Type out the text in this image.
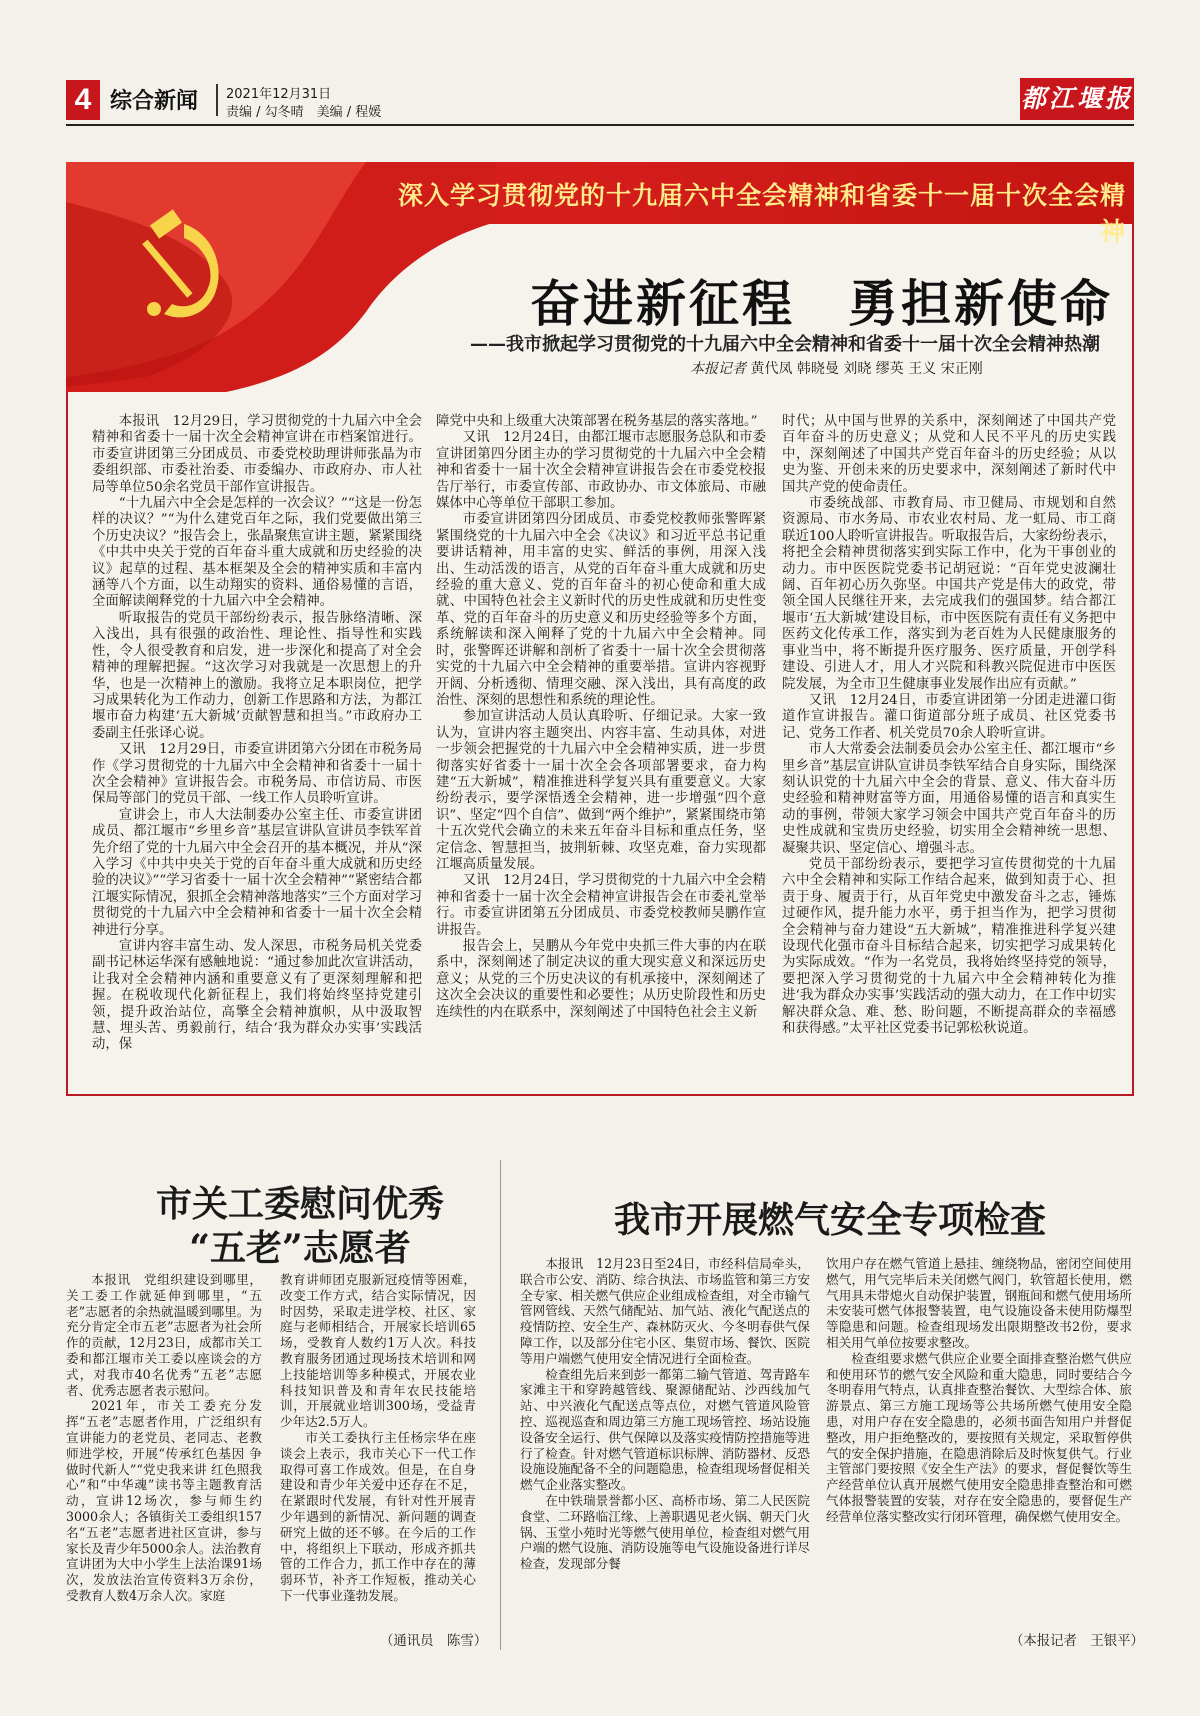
4 综合新闻 2021年12月31日
责编 / 勾冬晴　美编 / 程媛	都江堰报
深入学习贯彻党的十九届六中全会精神和省委十一届十次全会精神
奋进新征程　勇担新使命
——我市掀起学习贯彻党的十九届六中全会精神和省委十一届十次全会精神热潮
本报记者 黄代凤 韩晓曼 刘晓 缪英 王义 宋正刚

本报讯　12月29日，学习贯彻党的十九届六中全会精神和省委十一届十次全会精神宣讲在市档案馆进行。市委宣讲团第三分团成员、市委党校助理讲师张晶为市委组织部、市委社治委、市委编办、市政府办、市人社局等单位50余名党员干部作宣讲报告。

“十九届六中全会是怎样的一次会议？”“这是一份怎样的决议？”“为什么建党百年之际，我们党要做出第三个历史决议？”报告会上，张晶聚焦宣讲主题，紧紧围绕《中共中央关于党的百年奋斗重大成就和历史经验的决议》起草的过程、基本框架及全会的精神实质和丰富内涵等八个方面，以生动翔实的资料、通俗易懂的言语，全面解读阐释党的十九届六中全会精神。

听取报告的党员干部纷纷表示，报告脉络清晰、深入浅出，具有很强的政治性、理论性、指导性和实践性，令人很受教育和启发，进一步深化和提高了对全会精神的理解把握。“这次学习对我就是一次思想上的升华，也是一次精神上的激励。我将立足本职岗位，把学习成果转化为工作动力，创新工作思路和方法，为都江堰市奋力构建‘五大新城’贡献智慧和担当。”市政府办工委副主任张译心说。

又讯　12月29日，市委宣讲团第六分团在市税务局作《学习贯彻党的十九届六中全会精神和省委十一届十次全会精神》宣讲报告会。市税务局、市信访局、市医保局等部门的党员干部、一线工作人员聆听宣讲。

宣讲会上，市人大法制委办公室主任、市委宣讲团成员、都江堰市“乡里乡音”基层宣讲队宣讲员李铁军首先介绍了党的十九届六中全会召开的基本概况，并从“深入学习《中共中央关于党的百年奋斗重大成就和历史经验的决议》”“学习省委十一届十次全会精神”“紧密结合都江堰实际情况，狠抓全会精神落地落实”三个方面对学习贯彻党的十九届六中全会精神和省委十一届十次全会精神进行分享。

宣讲内容丰富生动、发人深思，市税务局机关党委副书记林运华深有感触地说：“通过参加此次宣讲活动，让我对全会精神内涵和重要意义有了更深刻理解和把握。在税收现代化新征程上，我们将始终坚持党建引领，提升政治站位，高擎全会精神旗帜，从中汲取智慧、埋头苦、勇毅前行，结合‘我为群众办实事’实践活动，保

障党中央和上级重大决策部署在税务基层的落实落地。”

又讯　12月24日，由都江堰市志愿服务总队和市委宣讲团第四分团主办的学习贯彻党的十九届六中全会精神和省委十一届十次全会精神宣讲报告会在市委党校报告厅举行，市委宣传部、市政协办、市文体旅局、市融媒体中心等单位干部职工参加。

市委宣讲团第四分团成员、市委党校教师张警晖紧紧围绕党的十九届六中全会《决议》和习近平总书记重要讲话精神，用丰富的史实、鲜活的事例，用深入浅出、生动活泼的语言，从党的百年奋斗重大成就和历史经验的重大意义、党的百年奋斗的初心使命和重大成就、中国特色社会主义新时代的历史性成就和历史性变革、党的百年奋斗的历史意义和历史经验等多个方面，系统解读和深入阐释了党的十九届六中全会精神。同时，张警晖还讲解和剖析了省委十一届十次全会贯彻落实党的十九届六中全会精神的重要举措。宣讲内容视野开阔、分析透彻、情理交融、深入浅出，具有高度的政治性、深刻的思想性和系统的理论性。

参加宣讲活动人员认真聆听、仔细记录。大家一致认为，宣讲内容主题突出、内容丰富、生动具体，对进一步领会把握党的十九届六中全会精神实质，进一步贯彻落实好省委十一届十次全会各项部署要求，奋力构建“五大新城”，精准推进科学复兴具有重要意义。大家纷纷表示，要学深悟透全会精神，进一步增强“四个意识”、坚定“四个自信”、做到“两个维护”，紧紧围绕市第十五次党代会确立的未来五年奋斗目标和重点任务，坚定信念、智慧担当，披荆斩棘、攻坚克难，奋力实现都江堰高质量发展。

又讯　12月24日，学习贯彻党的十九届六中全会精神和省委十一届十次全会精神宣讲报告会在市委礼堂举行。市委宣讲团第五分团成员、市委党校教师吴鹏作宣讲报告。

报告会上，吴鹏从今年党中央抓三件大事的内在联系中，深刻阐述了制定决议的重大现实意义和深远历史意义；从党的三个历史决议的有机承接中，深刻阐述了这次全会决议的重要性和必要性；从历史阶段性和历史连续性的内在联系中，深刻阐述了中国特色社会主义新

时代；从中国与世界的关系中，深刻阐述了中国共产党百年奋斗的历史意义；从党和人民不平凡的历史实践中，深刻阐述了中国共产党百年奋斗的历史经验；从以史为鉴、开创未来的历史要求中，深刻阐述了新时代中国共产党的使命责任。

市委统战部、市教育局、市卫健局、市规划和自然资源局、市水务局、市农业农村局、龙一虹局、市工商联近100人聆听宣讲报告。听取报告后，大家纷纷表示，将把全会精神贯彻落实到实际工作中，化为干事创业的动力。市中医医院党委书记胡冠说：“百年党史波澜壮阔、百年初心历久弥坚。中国共产党是伟大的政党，带领全国人民继往开来，去完成我们的强国梦。结合都江堰市‘五大新城’建设目标，市中医医院有责任有义务把中医药文化传承工作，落实到为老百姓为人民健康服务的事业当中，将不断提升医疗服务、医疗质量，开创学科建设、引进人才，用人才兴院和科教兴院促进市中医医院发展，为全市卫生健康事业发展作出应有贡献。”

又讯　12月24日，市委宣讲团第一分团走进灌口街道作宣讲报告。灌口街道部分班子成员、社区党委书记、党务工作者、机关党员70余人聆听宣讲。

市人大常委会法制委员会办公室主任、都江堰市“乡里乡音”基层宣讲队宣讲员李铁军结合自身实际，围绕深刻认识党的十九届六中全会的背景、意义、伟大奋斗历史经验和精神财富等方面，用通俗易懂的语言和真实生动的事例，带领大家学习领会中国共产党百年奋斗的历史性成就和宝贵历史经验，切实用全会精神统一思想、凝聚共识、坚定信心、增强斗志。

党员干部纷纷表示，要把学习宣传贯彻党的十九届六中全会精神和实际工作结合起来，做到知责于心、担责于身、履责于行，从百年党史中激发奋斗之志，锤炼过硬作风，提升能力水平，勇于担当作为，把学习贯彻全会精神与奋力建设“五大新城”，精准推进科学复兴建设现代化强市奋斗目标结合起来，切实把学习成果转化为实际成效。“作为一名党员，我将始终坚持党的领导，要把深入学习贯彻党的十九届六中全会精神转化为推进‘我为群众办实事’实践活动的强大动力，在工作中切实解决群众急、难、愁、盼问题，不断提高群众的幸福感和获得感。”太平社区党委书记郭松秋说道。

市关工委慰问优秀
“五老”志愿者

本报讯　党组织建设到哪里，关工委工作就延伸到哪里，“五老”志愿者的余热就温暖到哪里。为充分肯定全市五老”志愿者为社会所作的贡献，12月23日，成都市关工委和都江堰市关工委以座谈会的方式，对我市40名优秀“五老”志愿者、优秀志愿者表示慰问。

2021年，市关工委充分发挥“五老”志愿者作用，广泛组织有宣讲能力的老党员、老同志、老教师进学校，开展“传承红色基因 争做时代新人”“党史我来讲 红色照我心”和“中华魂”读书等主题教育活动，宣讲12场次，参与师生约3000余人；各镇街关工委组织157名“五老”志愿者进社区宣讲，参与家长及青少年5000余人。法治教育宣讲团为大中小学生上法治课91场次，发放法治宣传资料3万余份，受教育人数4万余人次。家庭

教育讲师团克服新冠疫情等困难，改变工作方式，结合实际情况，因时因势，采取走进学校、社区、家庭与老师相结合，开展家长培训65场，受教育人数约1万人次。科技教育服务团通过现场技术培训和网上技能培训等多种模式，开展农业科技知识普及和青年农民技能培训，开展就业培训300场，受益青少年达2.5万人。

市关工委执行主任杨宗华在座谈会上表示，我市关心下一代工作取得可喜工作成效。但是，在自身建设和青少年关爱中还存在不足，在紧跟时代发展，有针对性开展青少年遇到的新情况、新问题的调查研究上做的还不够。在今后的工作中，将组织上下联动，形成齐抓共管的工作合力，抓工作中存在的薄弱环节，补齐工作短板，推动关心下一代事业蓬勃发展。

（通讯员　陈雪）
我市开展燃气安全专项检查

本报讯　12月23日至24日，市经科信局牵头，联合市公安、消防、综合执法、市场监管和第三方安全专家、相关燃气供应企业组成检查组，对全市输气管网管线、天然气储配站、加气站、液化气配送点的疫情防控、安全生产、森林防灭火、今冬明春供气保障工作，以及部分住宅小区、集贸市场、餐饮、医院等用户端燃气使用安全情况进行全面检查。

检查组先后来到彭一都第二输气管道、驾青路车家滩主干和穿跨越管线、聚源储配站、沙西线加气站、中兴液化气配送点等点位，对燃气管道风险管控、巡视巡查和周边第三方施工现场管控、场站设施设备安全运行、供气保障以及落实疫情防控措施等进行了检查。针对燃气管道标识标牌、消防器材、反恐设施设施配备不全的问题隐患，检查组现场督促相关燃气企业落实整改。

在中铁瑞景誉都小区、高桥市场、第二人民医院食堂、二环路临江缘、上善职遇见老火锅、朝天门火锅、玉堂小苑时光等燃气使用单位，检查组对燃气用户端的燃气设施、消防设施等电气设施设备进行详尽检查，发现部分餐

饮用户存在燃气管道上悬挂、缠绕物品，密闭空间使用燃气，用气完毕后未关闭燃气阀门，软管超长使用，燃气用具未带熄火自动保护装置，钢瓶间和燃气使用场所未安装可燃气体报警装置，电气设施设备未使用防爆型等隐患和问题。检查组现场发出限期整改书2份，要求相关用气单位按要求整改。

检查组要求燃气供应企业要全面排查整治燃气供应和使用环节的燃气安全风险和重大隐患，同时要结合今冬明春用气特点，认真排查整治餐饮、大型综合体、旅游景点、第三方施工现场等公共场所燃气使用安全隐患，对用户存在安全隐患的，必须书面告知用户并督促整改，用户拒绝整改的，要按照有关规定，采取暂停供气的安全保护措施，在隐患消除后及时恢复供气。行业主管部门要按照《安全生产法》的要求，督促餐饮等生产经营单位认真开展燃气使用安全隐患排查整治和可燃气体报警装置的安装，对存在安全隐患的，要督促生产经营单位落实整改实行闭环管理，确保燃气使用安全。

（本报记者　王银平）
